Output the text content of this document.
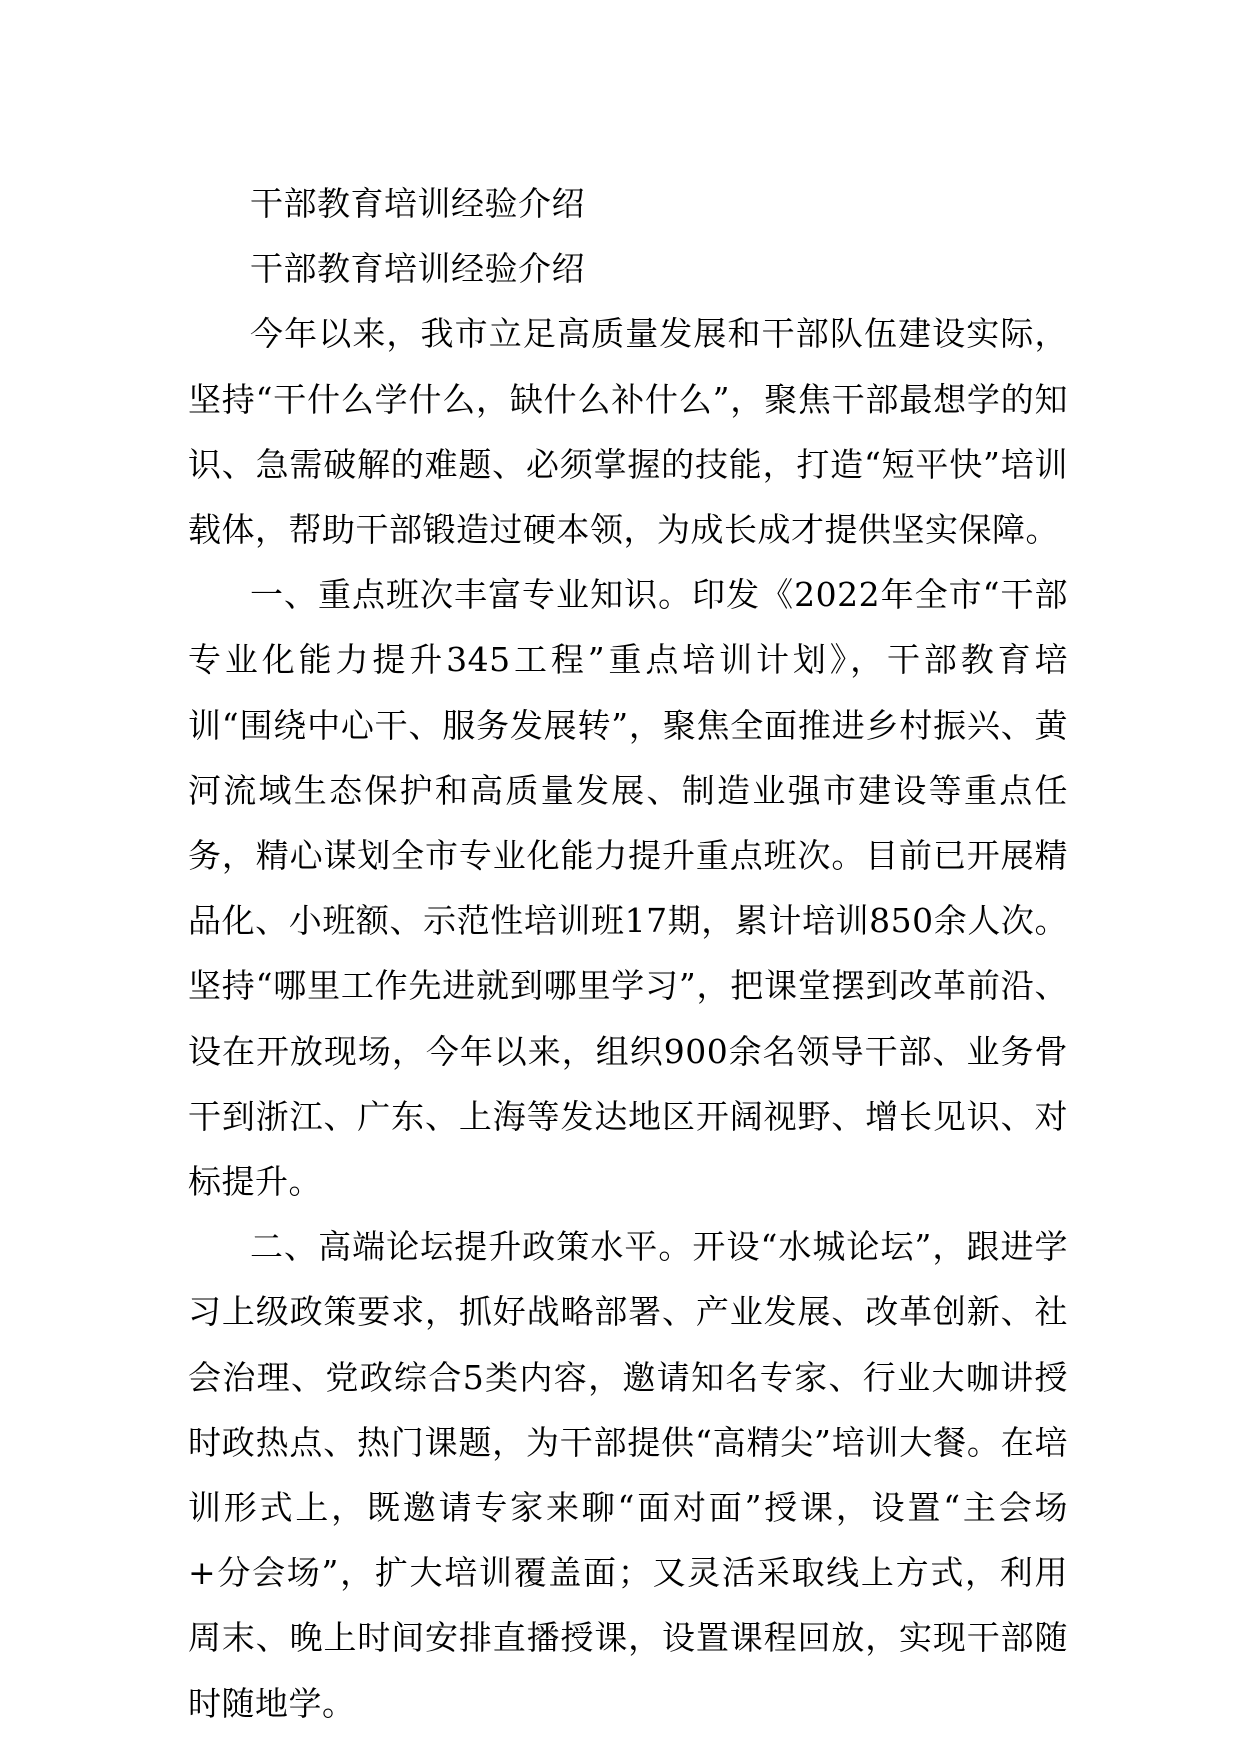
干部教育培训经验介绍

干部教育培训经验介绍

今年以来，我市立足高质量发展和干部队伍建设实际，坚持“干什么学什么，缺什么补什么”，聚焦干部最想学的知识、急需破解的难题、必须掌握的技能，打造“短平快”培训载体，帮助干部锻造过硬本领，为成长成才提供坚实保障。

一、重点班次丰富专业知识。印发《2022年全市“干部专业化能力提升345工程”重点培训计划》，干部教育培训“围绕中心干、服务发展转”，聚焦全面推进乡村振兴、黄河流域生态保护和高质量发展、制造业强市建设等重点任务，精心谋划全市专业化能力提升重点班次。目前已开展精品化、小班额、示范性培训班17期，累计培训850余人次。坚持“哪里工作先进就到哪里学习”，把课堂摆到改革前沿、设在开放现场，今年以来，组织900余名领导干部、业务骨干到浙江、广东、上海等发达地区开阔视野、增长见识、对标提升。

二、高端论坛提升政策水平。开设“水城论坛”，跟进学习上级政策要求，抓好战略部署、产业发展、改革创新、社会治理、党政综合5类内容，邀请知名专家、行业大咖讲授时政热点、热门课题，为干部提供“高精尖”培训大餐。在培训形式上，既邀请专家来聊“面对面”授课，设置“主会场+分会场”，扩大培训覆盖面；又灵活采取线上方式，利用周末、晚上时间安排直播授课，设置课程回放，实现干部随时随地学。
